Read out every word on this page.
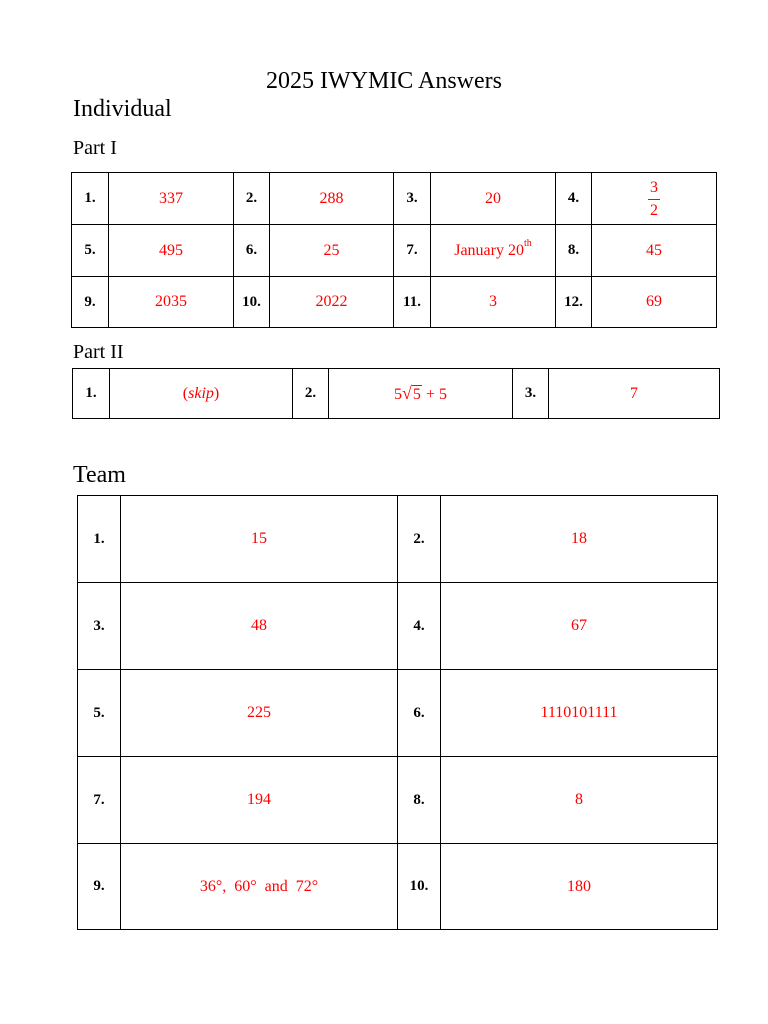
2025 IWYMIC Answers
Individual
Part I
1.	337	2.	288	3.	20	4.	$\frac{3}{2}$

5.	495	6.	25	7.	January 20th	8.	45
9.	2035	10.	2022	11.	3	12.	69
Part II
1.	(skip)	2.	5√5 + 5	3.	7
Team
1.	15	2.	18
3.	48	4.	67
5.	225	6.	1110101111
7.	194	8.	8
9.	36°,  60°  and  72°	10.	180
